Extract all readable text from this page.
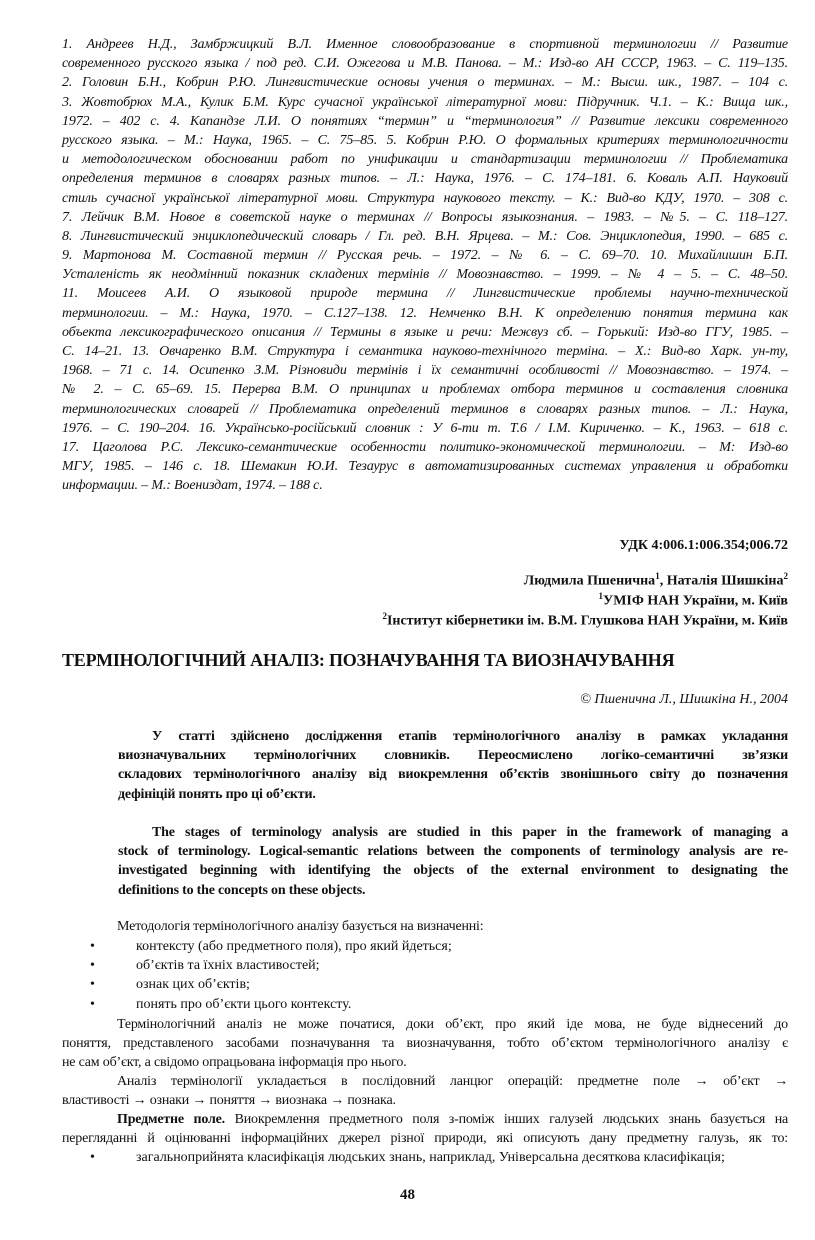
1. Андреев Н.Д., Замбржицкий В.Л. Именное словообразование в спортивной терминологии // Развитие
современного русского языка / под ред. С.И. Ожегова и М.В. Панова. – М.: Изд-во АН СССР, 1963. – С. 119–135.
2. Головин Б.Н., Кобрин Р.Ю. Лингвистические основы учения о терминах. – М.: Высш. шк., 1987. – 104 с.
3. Жовтобрюх М.А., Кулик Б.М. Курс сучасної української літературної мови: Підручник. Ч.1. – К.: Вища шк.,
1972. – 402 с. 4. Капандзе Л.И. О понятиях “термин” и “терминология” // Развитие лексики современного
русского языка. – М.: Наука, 1965. – С. 75–85. 5. Кобрин Р.Ю. О формальных критериях терминологичности
и методологическом обосновании работ по унификации и стандартизации терминологии // Проблематика
определения терминов в словарях разных типов. – Л.: Наука, 1976. – С. 174–181. 6. Коваль А.П. Науковий
стиль сучасної української літературної мови. Структура наукового тексту. – К.: Вид-во КДУ, 1970. – 308 с.
7. Лейчик В.М. Новое в советской науке о терминах // Вопросы языкознания. – 1983. – №5. – С. 118–127.
8. Лингвистический энциклопедический словарь / Гл. ред. В.Н. Ярцева. – М.: Сов. Энциклопедия, 1990. – 685 с.
9. Мартонова М. Составной термин // Русская речь. – 1972. – № 6. – С. 69–70. 10. Михайлишин Б.П.
Усталеність як неодмінний показник складених термінів // Мовознавство. – 1999. – № 4 – 5. – С. 48–50.
11. Моисеев А.И. О языковой природе термина // Лингвистические проблемы научно-технической
терминологии. – М.: Наука, 1970. – С.127–138. 12. Немченко В.Н. К определению понятия термина как
объекта лексикографического описания // Термины в языке и речи: Межвуз сб. – Горький: Изд-во ГГУ, 1985. –
С. 14–21. 13. Овчаренко В.М. Структура і семантика науково-технічного терміна. – Х.: Вид-во Харк. ун-ту,
1968. – 71 с. 14. Осипенко З.М. Різновиди термінів і їх семантичні особливості // Мовознавство. – 1974. –
№ 2. – С. 65–69. 15. Перерва В.М. О принципах и проблемах отбора терминов и составления словника
терминологических словарей // Проблематика определений терминов в словарях разных типов. – Л.: Наука,
1976. – С. 190–204. 16. Українсько-російський словник : У 6-ти т. Т.6 / І.М. Кириченко. – К., 1963. – 618 с.
17. Цаголова Р.С. Лексико-семантические особенности политико-экономической терминологии. – М: Изд-во
МГУ, 1985. – 146 с. 18. Шемакин Ю.И. Тезаурус в автоматизированных системах управления и обработки
информации. – М.: Воениздат, 1974. – 188 с.
УДК 4:006.1:006.354;006.72
Людмила Пшенична$^1$, Наталія Шишкіна$^2$
$^1$УМІФ НАН України, м. Київ
$^2$Інститут кібернетики ім. В.М. Глушкова НАН України, м. Київ
ТЕРМІНОЛОГІЧНИЙ АНАЛІЗ: ПОЗНАЧУВАННЯ ТА ВИОЗНАЧУВАННЯ
© Пшенична Л., Шишкіна Н., 2004
У статті здійснено дослідження етапів термінологічного аналізу в рамках укладання
виозначувальних термінологічних словників. Переосмислено логіко-семантичні зв’язки
складових термінологічного аналізу від виокремлення об’єктів звонішнього світу до позначення
дефініцій понять про ці об’єкти.
The stages of terminology analysis are studied in this paper in the framework of managing a
stock of terminology. Logical-semantic relations between the components of terminology analysis are re-
investigated beginning with identifying the objects of the external environment to designating the
definitions to the concepts on these objects.
Методологія термінологічного аналізу базується на визначенні:
•	контексту (або предметного поля), про який йдеться;
•	об’єктів та їхніх властивостей;
•	ознак цих об’єктів;
•	понять про об’єкти цього контексту.
Термінологічний аналіз не може початися, доки об’єкт, про який іде мова, не буде віднесений до
поняття, представленого засобами позначування та виозначування, тобто об’єктом термінологічного аналізу є
не сам об’єкт, а свідомо опрацьована інформація про нього.
Аналіз термінології укладається в послідовний ланцюг операцій: предметне поле → об’єкт →
властивості → ознаки → поняття → виознака → познака.
Предметне поле. Виокремлення предметного поля з-поміж інших галузей людських знань базується на
перегляданні й оцінюванні інформаційних джерел різної природи, які описують дану предметну галузь, як то:
•	загальноприйнята класифікація людських знань, наприклад, Універсальна десяткова класифікація;
48
